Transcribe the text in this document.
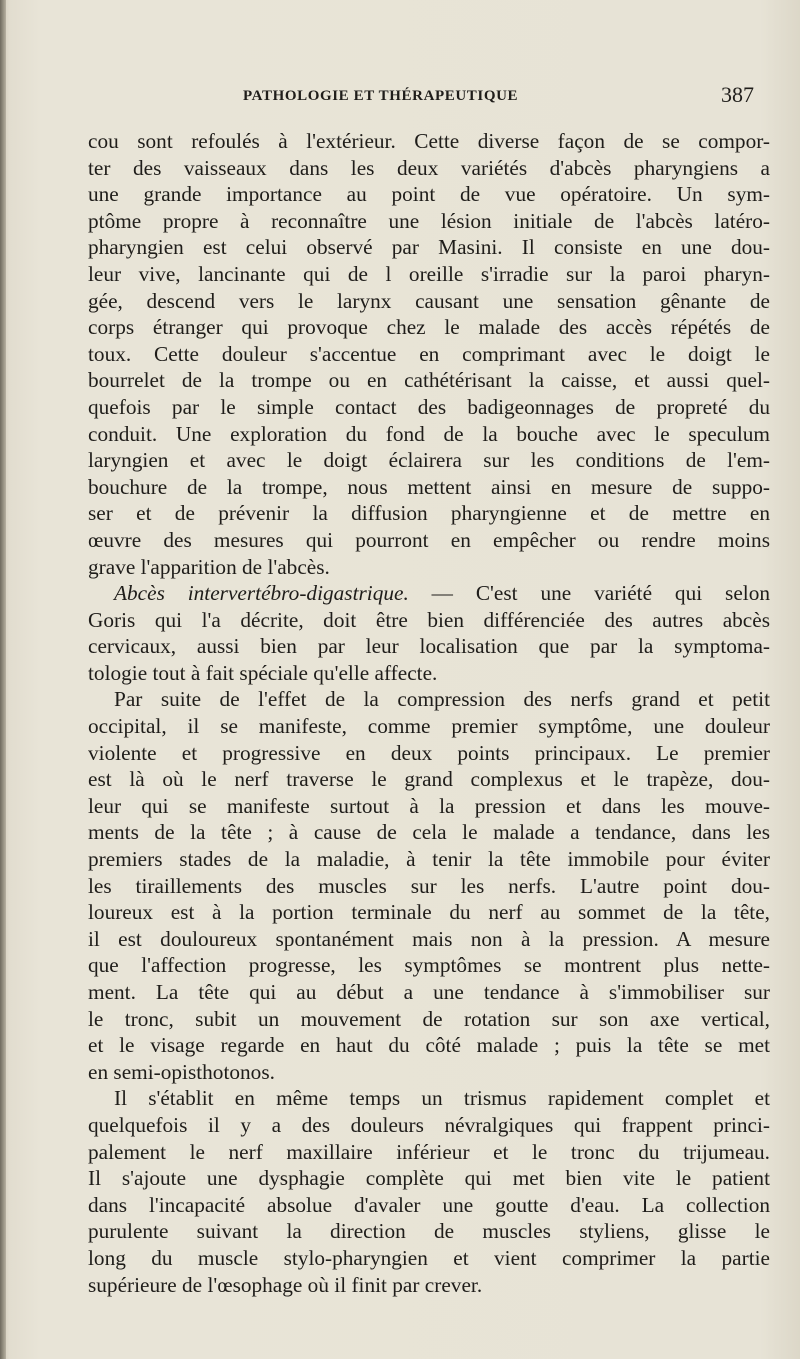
PATHOLOGIE ET THÉRAPEUTIQUE	387
cou sont refoulés à l'extérieur. Cette diverse façon de se compor-
ter des vaisseaux dans les deux variétés d'abcès pharyngiens a
une grande importance au point de vue opératoire. Un sym-
ptôme propre à reconnaître une lésion initiale de l'abcès latéro-
pharyngien est celui observé par Masini. Il consiste en une dou-
leur vive, lancinante qui de l oreille s'irradie sur la paroi pharyn-
gée, descend vers le larynx causant une sensation gênante de
corps étranger qui provoque chez le malade des accès répétés de
toux. Cette douleur s'accentue en comprimant avec le doigt le
bourrelet de la trompe ou en cathétérisant la caisse, et aussi quel-
quefois par le simple contact des badigeonnages de propreté du
conduit. Une exploration du fond de la bouche avec le speculum
laryngien et avec le doigt éclairera sur les conditions de l'em-
bouchure de la trompe, nous mettent ainsi en mesure de suppo-
ser et de prévenir la diffusion pharyngienne et de mettre en
œuvre des mesures qui pourront en empêcher ou rendre moins
grave l'apparition de l'abcès.
Abcès intervertébro-digastrique. — C'est une variété qui selon
Goris qui l'a décrite, doit être bien différenciée des autres abcès
cervicaux, aussi bien par leur localisation que par la symptoma-
tologie tout à fait spéciale qu'elle affecte.
Par suite de l'effet de la compression des nerfs grand et petit
occipital, il se manifeste, comme premier symptôme, une douleur
violente et progressive en deux points principaux. Le premier
est là où le nerf traverse le grand complexus et le trapèze, dou-
leur qui se manifeste surtout à la pression et dans les mouve-
ments de la tête ; à cause de cela le malade a tendance, dans les
premiers stades de la maladie, à tenir la tête immobile pour éviter
les tiraillements des muscles sur les nerfs. L'autre point dou-
loureux est à la portion terminale du nerf au sommet de la tête,
il est douloureux spontanément mais non à la pression. A mesure
que l'affection progresse, les symptômes se montrent plus nette-
ment. La tête qui au début a une tendance à s'immobiliser sur
le tronc, subit un mouvement de rotation sur son axe vertical,
et le visage regarde en haut du côté malade ; puis la tête se met
en semi-opisthotonos.
Il s'établit en même temps un trismus rapidement complet et
quelquefois il y a des douleurs névralgiques qui frappent princi-
palement le nerf maxillaire inférieur et le tronc du trijumeau.
Il s'ajoute une dysphagie complète qui met bien vite le patient
dans l'incapacité absolue d'avaler une goutte d'eau. La collection
purulente suivant la direction de muscles styliens, glisse le
long du muscle stylo-pharyngien et vient comprimer la partie
supérieure de l'œsophage où il finit par crever.
